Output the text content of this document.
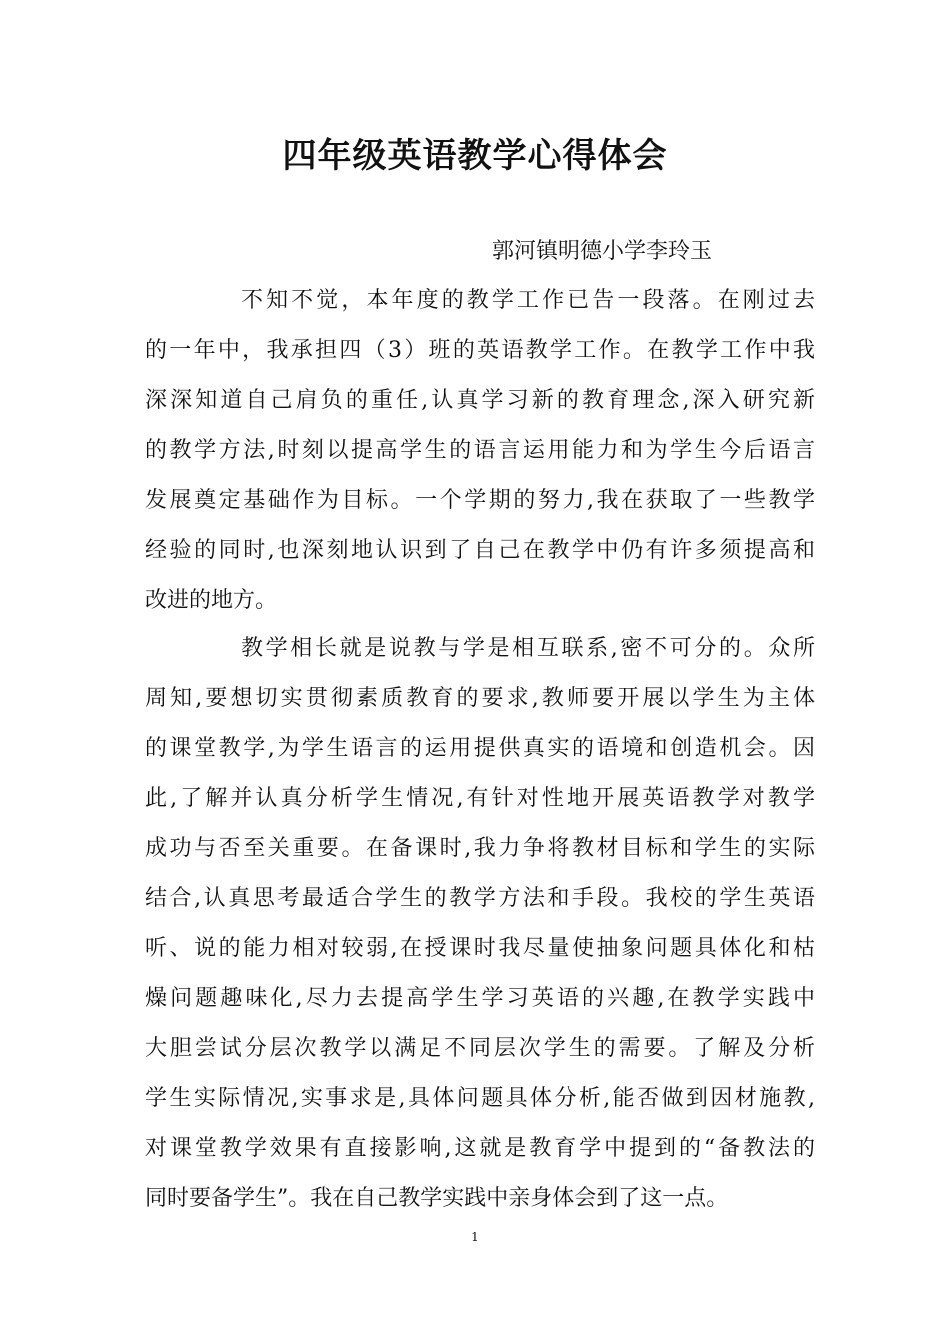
四年级英语教学心得体会

郭河镇明德小学李玲玉

不知不觉，本年度的教学工作已告一段落。在刚过去
的一年中，我承担四（3）班的英语教学工作。在教学工作中我
深深知道自己肩负的重任,认真学习新的教育理念,深入研究新
的教学方法,时刻以提高学生的语言运用能力和为学生今后语言
发展奠定基础作为目标。一个学期的努力,我在获取了一些教学
经验的同时,也深刻地认识到了自己在教学中仍有许多须提高和
改进的地方。
教学相长就是说教与学是相互联系,密不可分的。众所
周知,要想切实贯彻素质教育的要求,教师要开展以学生为主体
的课堂教学,为学生语言的运用提供真实的语境和创造机会。因
此,了解并认真分析学生情况,有针对性地开展英语教学对教学
成功与否至关重要。在备课时,我力争将教材目标和学生的实际
结合,认真思考最适合学生的教学方法和手段。我校的学生英语
听、说的能力相对较弱,在授课时我尽量使抽象问题具体化和枯
燥问题趣味化,尽力去提高学生学习英语的兴趣,在教学实践中
大胆尝试分层次教学以满足不同层次学生的需要。了解及分析
学生实际情况,实事求是,具体问题具体分析,能否做到因材施教,
对课堂教学效果有直接影响,这就是教育学中提到的“备教法的
同时要备学生”。我在自己教学实践中亲身体会到了这一点。

1
